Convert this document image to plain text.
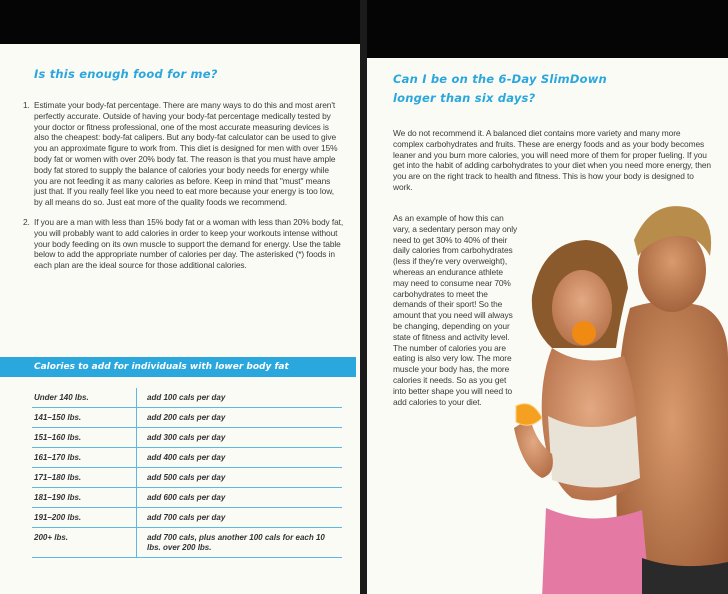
Is this enough food for me?
1. Estimate your body-fat percentage. There are many ways to do this and most aren't perfectly accurate. Outside of having your body-fat percentage medically tested by your doctor or fitness professional, one of the most accurate measuring devices is also the cheapest: body-fat calipers. But any body-fat calculator can be used to give you an approximate figure to work from. This diet is designed for men with over 15% body fat or women with over 20% body fat. The reason is that you must have ample body fat stored to supply the balance of calories your body needs for energy while you are not feeding it as many calories as before. Keep in mind that "must" means just that. If you really feel like you need to eat more because your energy is too low, by all means do so. Just eat more of the quality foods we recommend.
2. If you are a man with less than 15% body fat or a woman with less than 20% body fat, you will probably want to add calories in order to keep your workouts intense without your body feeding on its own muscle to support the demand for energy. Use the table below to add the appropriate number of calories per day. The asterisked (*) foods in each plan are the ideal source for those additional calories.
Calories to add for individuals with lower body fat
Under 140 lbs.	add 100 cals per day
141–150 lbs.	add 200 cals per day
151–160 lbs.	add 300 cals per day
161–170 lbs.	add 400 cals per day
171–180 lbs.	add 500 cals per day
181–190 lbs.	add 600 cals per day
191–200 lbs.	add 700 cals per day
200+ lbs.	add 700 cals, plus another 100 cals for each 10 lbs. over 200 lbs.
Can I be on the 6-Day SlimDown longer than six days?

We do not recommend it. A balanced diet contains more variety and many more complex carbohydrates and fruits. These are energy foods and as your body becomes leaner and you burn more calories, you will need more of them for proper fueling. If you get into the habit of adding carbohydrates to your diet when you need more energy, then you are on the right track to health and fitness. This is how your body is designed to work.

As an example of how this can vary, a sedentary person may only need to get 30% to 40% of their daily calories from carbohydrates (less if they're very overweight), whereas an endurance athlete may need to consume near 70% carbohydrates to meet the demands of their sport! So the amount that you need will always be changing, depending on your state of fitness and activity level. The number of calories you are eating is also very low. The more muscle your body has, the more calories it needs. So as you get into better shape you will need to add calories to your diet.
